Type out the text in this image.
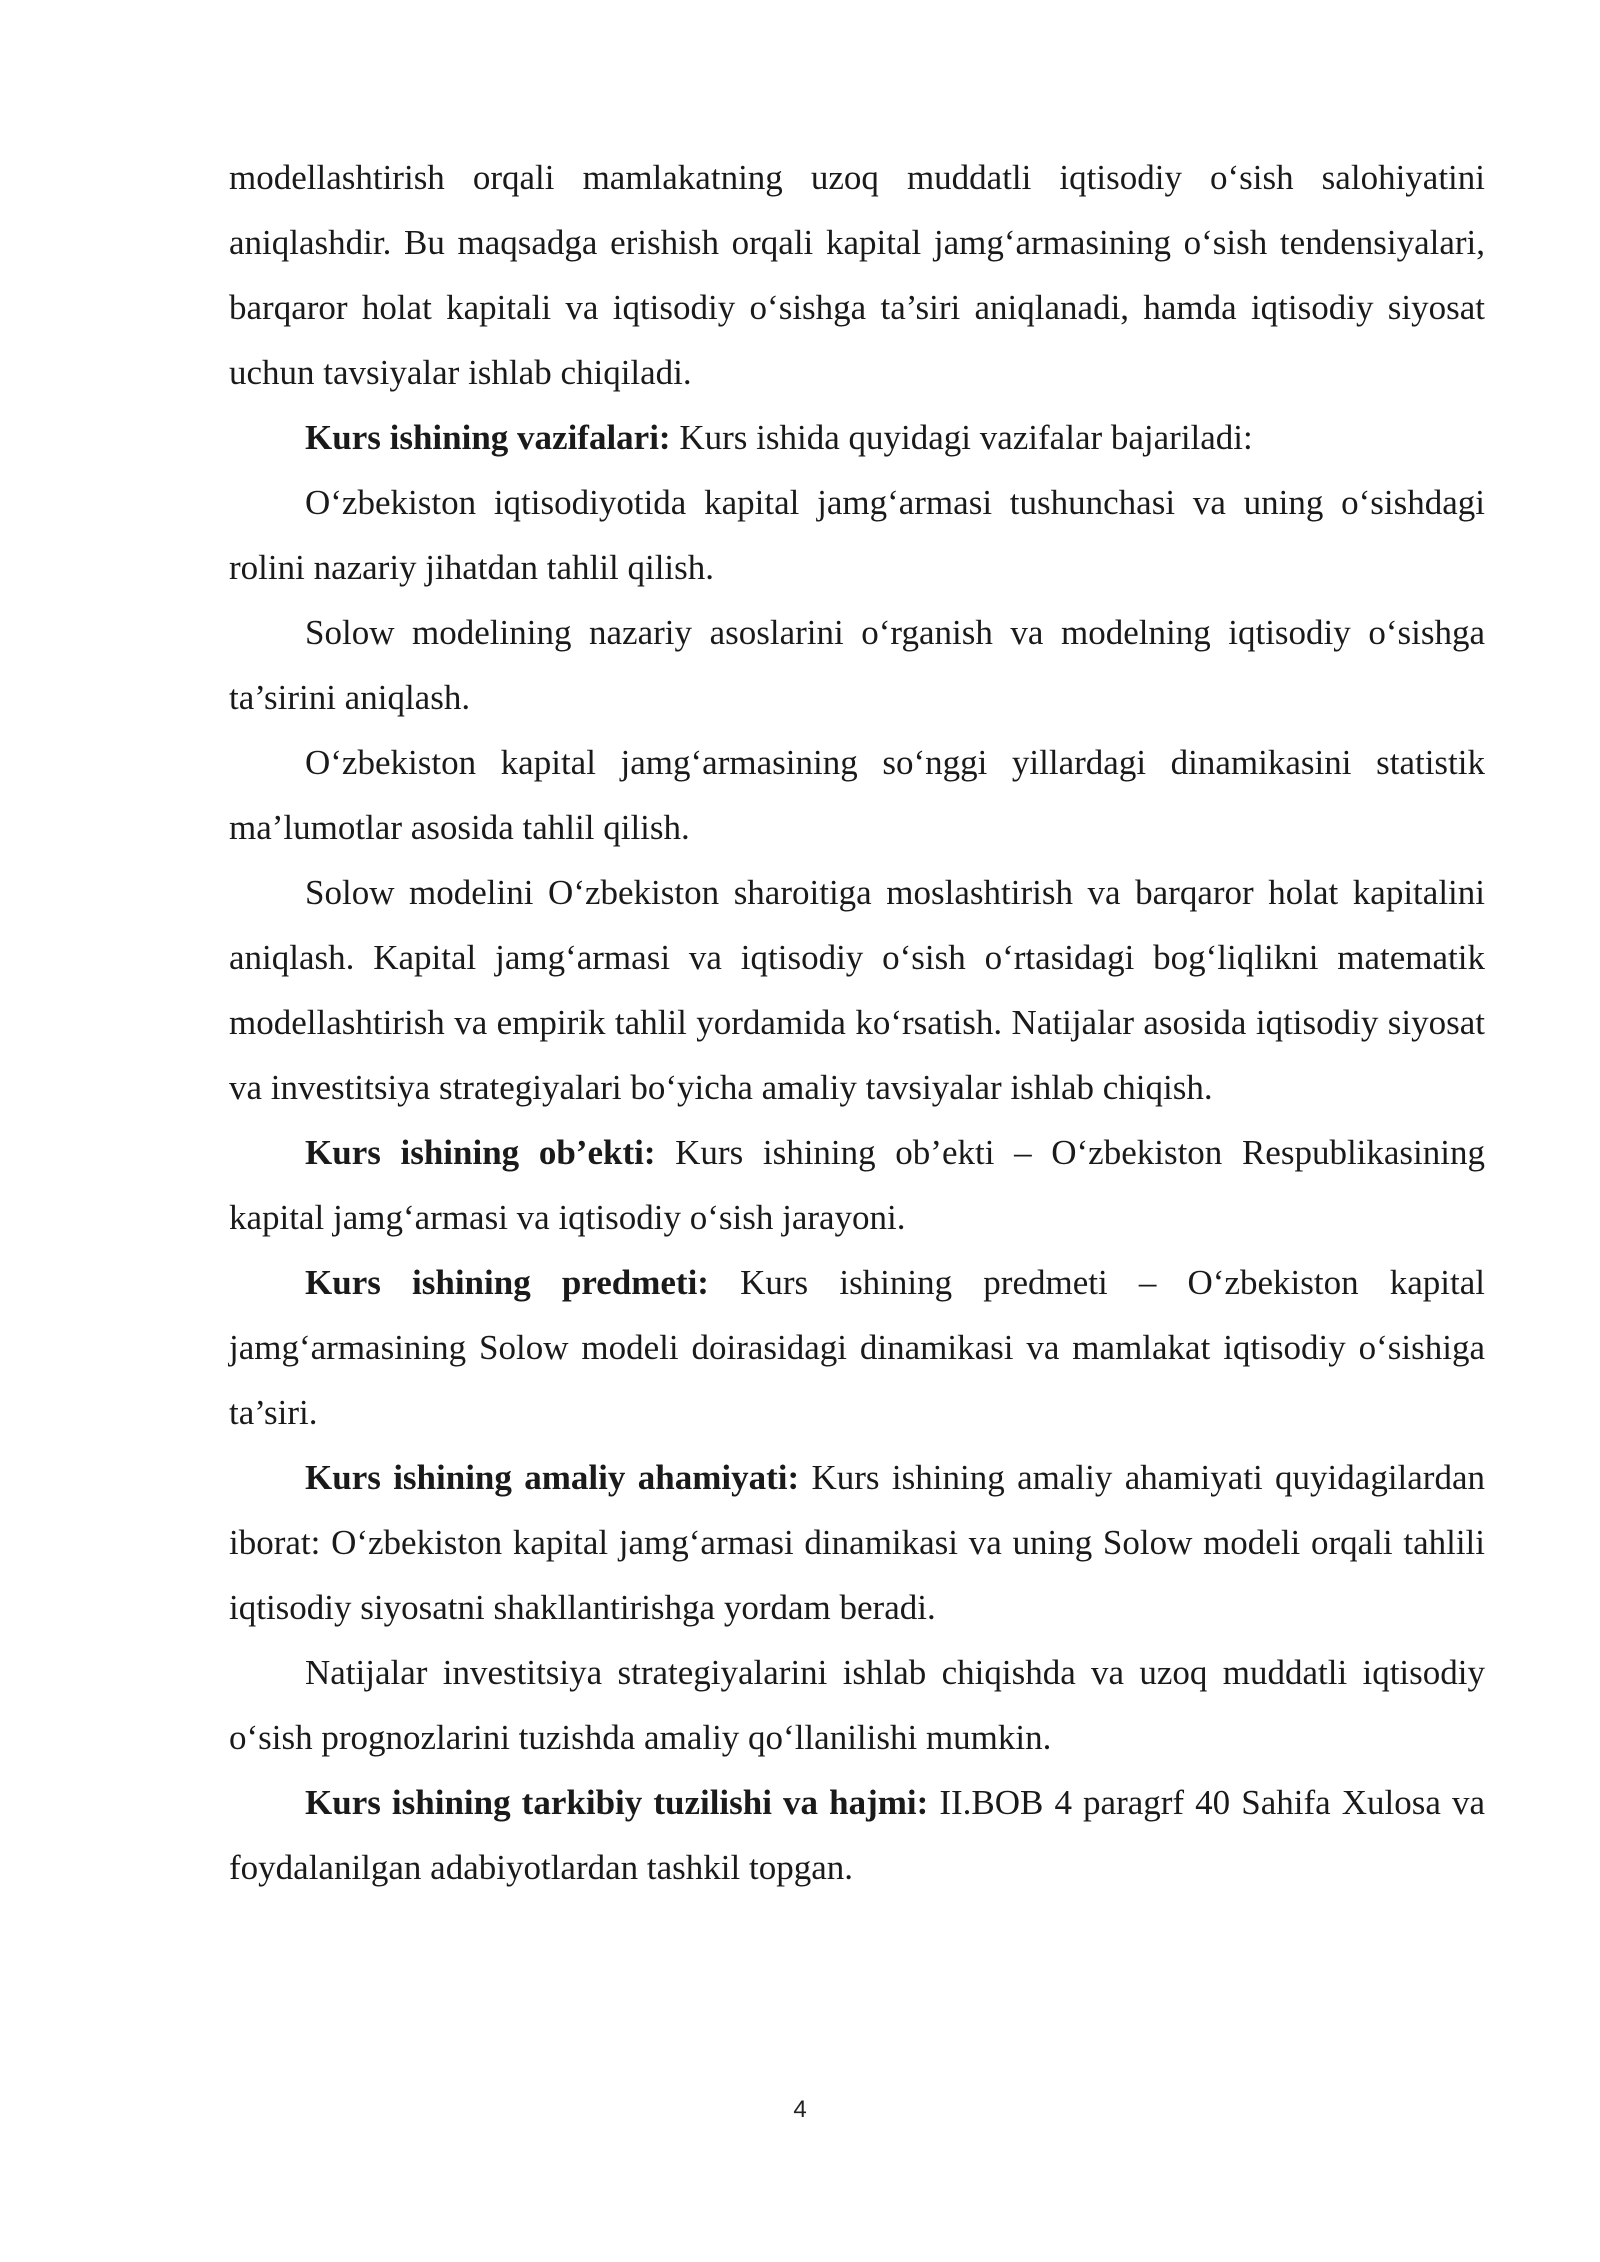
modellashtirish orqali mamlakatning uzoq muddatli iqtisodiy o‘sish salohiyatini aniqlashdir. Bu maqsadga erishish orqali kapital jamg‘armasining o‘sish tendensiyalari, barqaror holat kapitali va iqtisodiy o‘sishga ta’siri aniqlanadi, hamda iqtisodiy siyosat uchun tavsiyalar ishlab chiqiladi.

Kurs ishining vazifalari: Kurs ishida quyidagi vazifalar bajariladi:

O‘zbekiston iqtisodiyotida kapital jamg‘armasi tushunchasi va uning o‘sishdagi rolini nazariy jihatdan tahlil qilish.

Solow modelining nazariy asoslarini o‘rganish va modelning iqtisodiy o‘sishga ta’sirini aniqlash.

O‘zbekiston kapital jamg‘armasining so‘nggi yillardagi dinamikasini statistik ma’lumotlar asosida tahlil qilish.

Solow modelini O‘zbekiston sharoitiga moslashtirish va barqaror holat kapitalini aniqlash. Kapital jamg‘armasi va iqtisodiy o‘sish o‘rtasidagi bog‘liqlikni matematik modellashtirish va empirik tahlil yordamida ko‘rsatish. Natijalar asosida iqtisodiy siyosat va investitsiya strategiyalari bo‘yicha amaliy tavsiyalar ishlab chiqish.

Kurs ishining ob’ekti: Kurs ishining ob’ekti – O‘zbekiston Respublikasining kapital jamg‘armasi va iqtisodiy o‘sish jarayoni.

Kurs ishining predmeti: Kurs ishining predmeti – O‘zbekiston kapital jamg‘armasining Solow modeli doirasidagi dinamikasi va mamlakat iqtisodiy o‘sishiga ta’siri.

Kurs ishining amaliy ahamiyati: Kurs ishining amaliy ahamiyati quyidagilardan iborat: O‘zbekiston kapital jamg‘armasi dinamikasi va uning Solow modeli orqali tahlili iqtisodiy siyosatni shakllantirishga yordam beradi.

Natijalar investitsiya strategiyalarini ishlab chiqishda va uzoq muddatli iqtisodiy o‘sish prognozlarini tuzishda amaliy qo‘llanilishi mumkin.

Kurs ishining tarkibiy tuzilishi va hajmi: II.BOB 4 paragrf 40 Sahifa Xulosa va foydalanilgan adabiyotlardan tashkil topgan.

4
